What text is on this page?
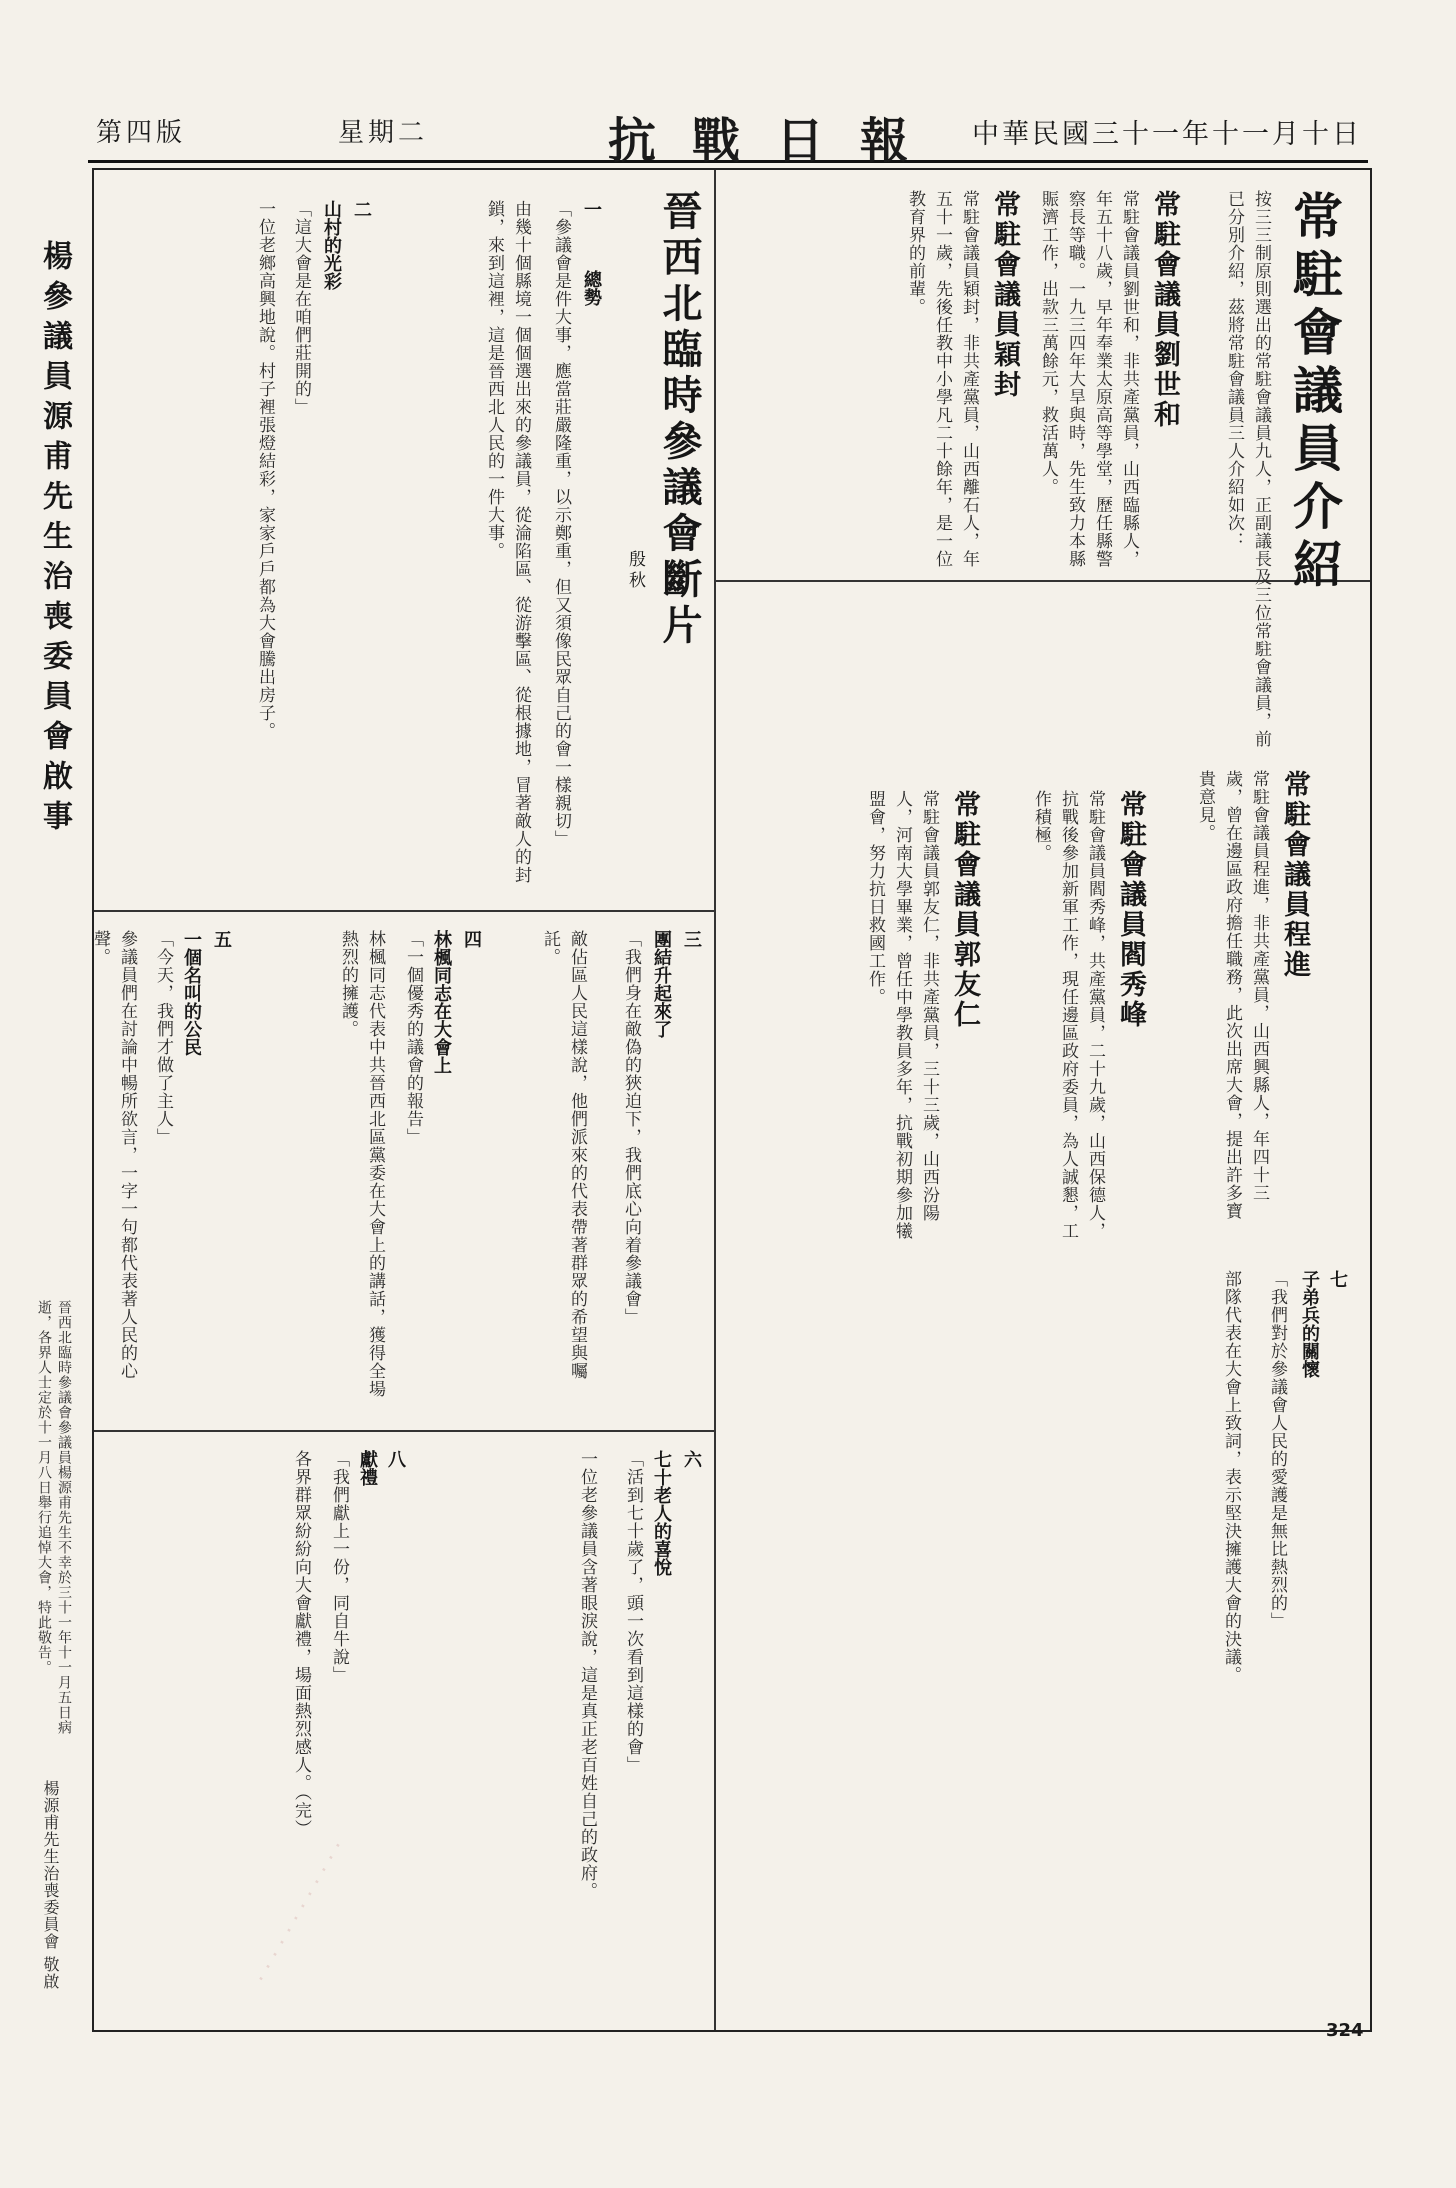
中華民國三十一年十一月十日
抗戰日報
星期二
第四版
常駐會議員介紹
按三三制原則選出的常駐會議員九人，正副議長及三位常駐會議員，前已分別介紹，茲將常駐會議員三人介紹如次：
常駐會議員劉世和
常駐會議員劉世和，非共產黨員，山西臨縣人，年五十八歲，早年奉業太原高等學堂，歷任縣警察長等職。一九三四年大旱與時，先生致力本縣賑濟工作，出款三萬餘元，救活萬人。
常駐會議員穎封
常駐會議員穎封，非共產黨員，山西離石人，年五十一歲，先後任教中小學凡二十餘年，是一位教育界的前輩。
常駐會議員程進
常駐會議員程進，非共產黨員，山西興縣人，年四十三歲，曾在邊區政府擔任職務，此次出席大會，提出許多寶貴意見。
常駐會議員閻秀峰
常駐會議員閻秀峰，共產黨員，二十九歲，山西保德人，抗戰後參加新軍工作，現任邊區政府委員，為人誠懇，工作積極。
常駐會議員郭友仁
常駐會議員郭友仁，非共產黨員，三十三歲，山西汾陽人，河南大學畢業，曾任中學教員多年，抗戰初期參加犧盟會，努力抗日救國工作。
晉西北臨時參議會斷片
殷秋
一
總勢
「參議會是件大事，應當莊嚴隆重，以示鄭重，但又須像民眾自己的會一樣親切」
由幾十個縣境一個個選出來的參議員，從淪陷區、從游擊區、從根據地，冒著敵人的封鎖，來到這裡，這是晉西北人民的一件大事。
二
山村的光彩
「這大會是在咱們莊開的」
一位老鄉高興地說。村子裡張燈結彩，家家戶戶都為大會騰出房子。
三
團結升起來了
「我們身在敵偽的狹迫下，我們底心向着參議會」
敵佔區人民這樣說，他們派來的代表帶著群眾的希望與囑託。
四
林楓同志在大會上
「一個優秀的議會的報告」
林楓同志代表中共晉西北區黨委在大會上的講話，獲得全場熱烈的擁護。
五
一個名叫的公民
「今天，我們才做了主人」
參議員們在討論中暢所欲言，一字一句都代表著人民的心聲。
六
七十老人的喜悅
「活到七十歲了，頭一次看到這樣的會」
一位老參議員含著眼淚說，這是真正老百姓自己的政府。
八
獻禮
「我們獻上一份，同自牛說」
各界群眾紛紛向大會獻禮，場面熱烈感人。（完）
七
子弟兵的關懷
「我們對於參議會人民的愛護是無比熱烈的」
部隊代表在大會上致詞，表示堅決擁護大會的決議。
楊參議員源甫先生治喪委員會啟事
晉西北臨時參議會參議員楊源甫先生不幸於三十一年十一月五日病逝，各界人士定於十一月八日舉行追悼大會，特此敬告。
楊源甫先生治喪委員會 敬啟	· · · · · · · · · · · ·
324
